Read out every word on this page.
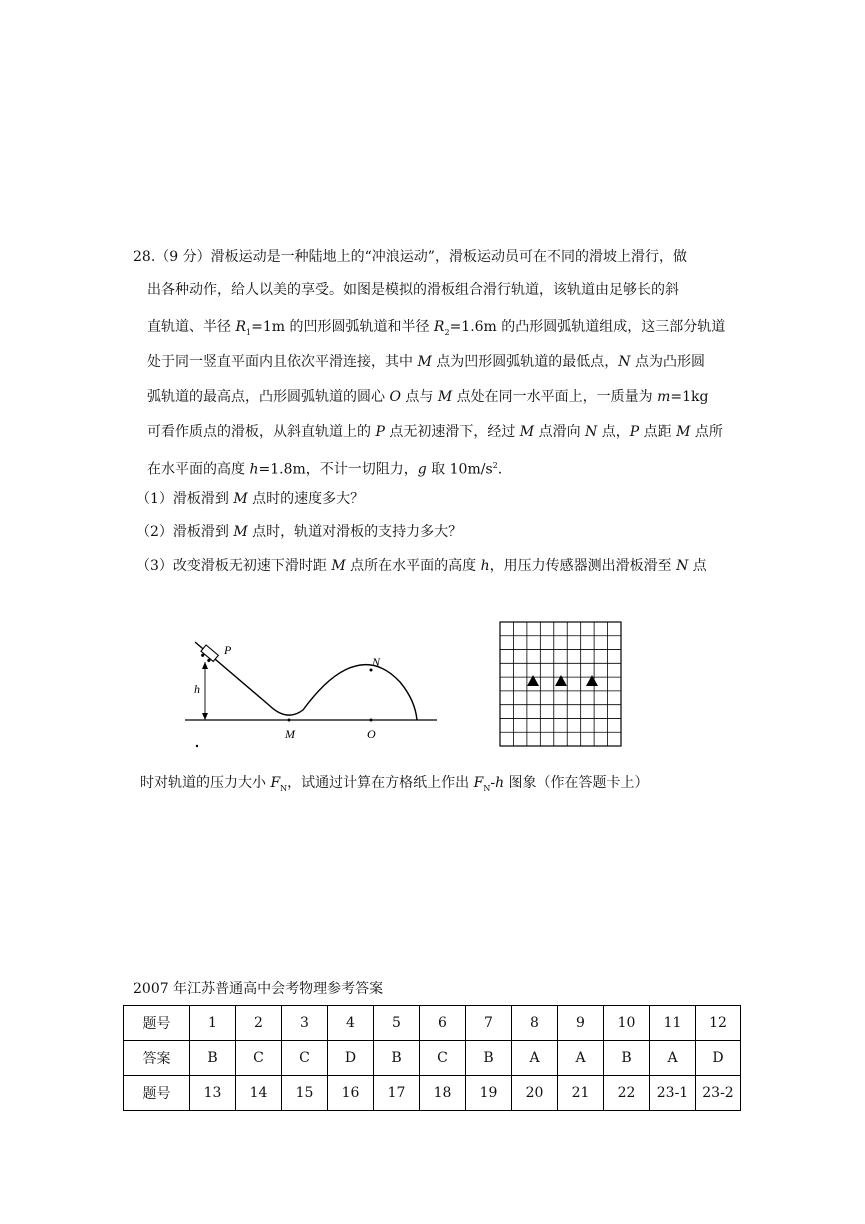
28.（9 分）滑板运动是一种陆地上的“冲浪运动”，滑板运动员可在不同的滑坡上滑行，做
出各种动作，给人以美的享受。如图是模拟的滑板组合滑行轨道，该轨道由足够长的斜
直轨道、半径 $R_1=1m$ 的凹形圆弧轨道和半径 $R_2=1.6m$ 的凸形圆弧轨道组成，这三部分轨道
处于同一竖直平面内且依次平滑连接，其中 M 点为凹形圆弧轨道的最低点，N 点为凸形圆
弧轨道的最高点，凸形圆弧轨道的圆心 O 点与 M 点处在同一水平面上，一质量为 m=1kg
可看作质点的滑板，从斜直轨道上的 P 点无初速滑下，经过 M 点滑向 N 点，P 点距 M 点所
在水平面的高度 h=1.8m，不计一切阻力，g 取 $10m/s^2$.
（1）滑板滑到 M 点时的速度多大？
（2）滑板滑到 M 点时，轨道对滑板的支持力多大？
（3）改变滑板无初速下滑时距 M 点所在水平面的高度 h，用压力传感器测出滑板滑至 N 点
P
N
h
M	O
时对轨道的压力大小 $F_N$，试通过计算在方格纸上作出 $F_N-h$ 图象（作在答题卡上）
2007 年江苏普通高中会考物理参考答案
题号	1	2	3	4	5	6	7	8	9	10	11	12
答案	B	C	C	D	B	C	B	A	A	B	A	D
题号	13	14	15	16	17	18	19	20	21	22	23-1	23-2
